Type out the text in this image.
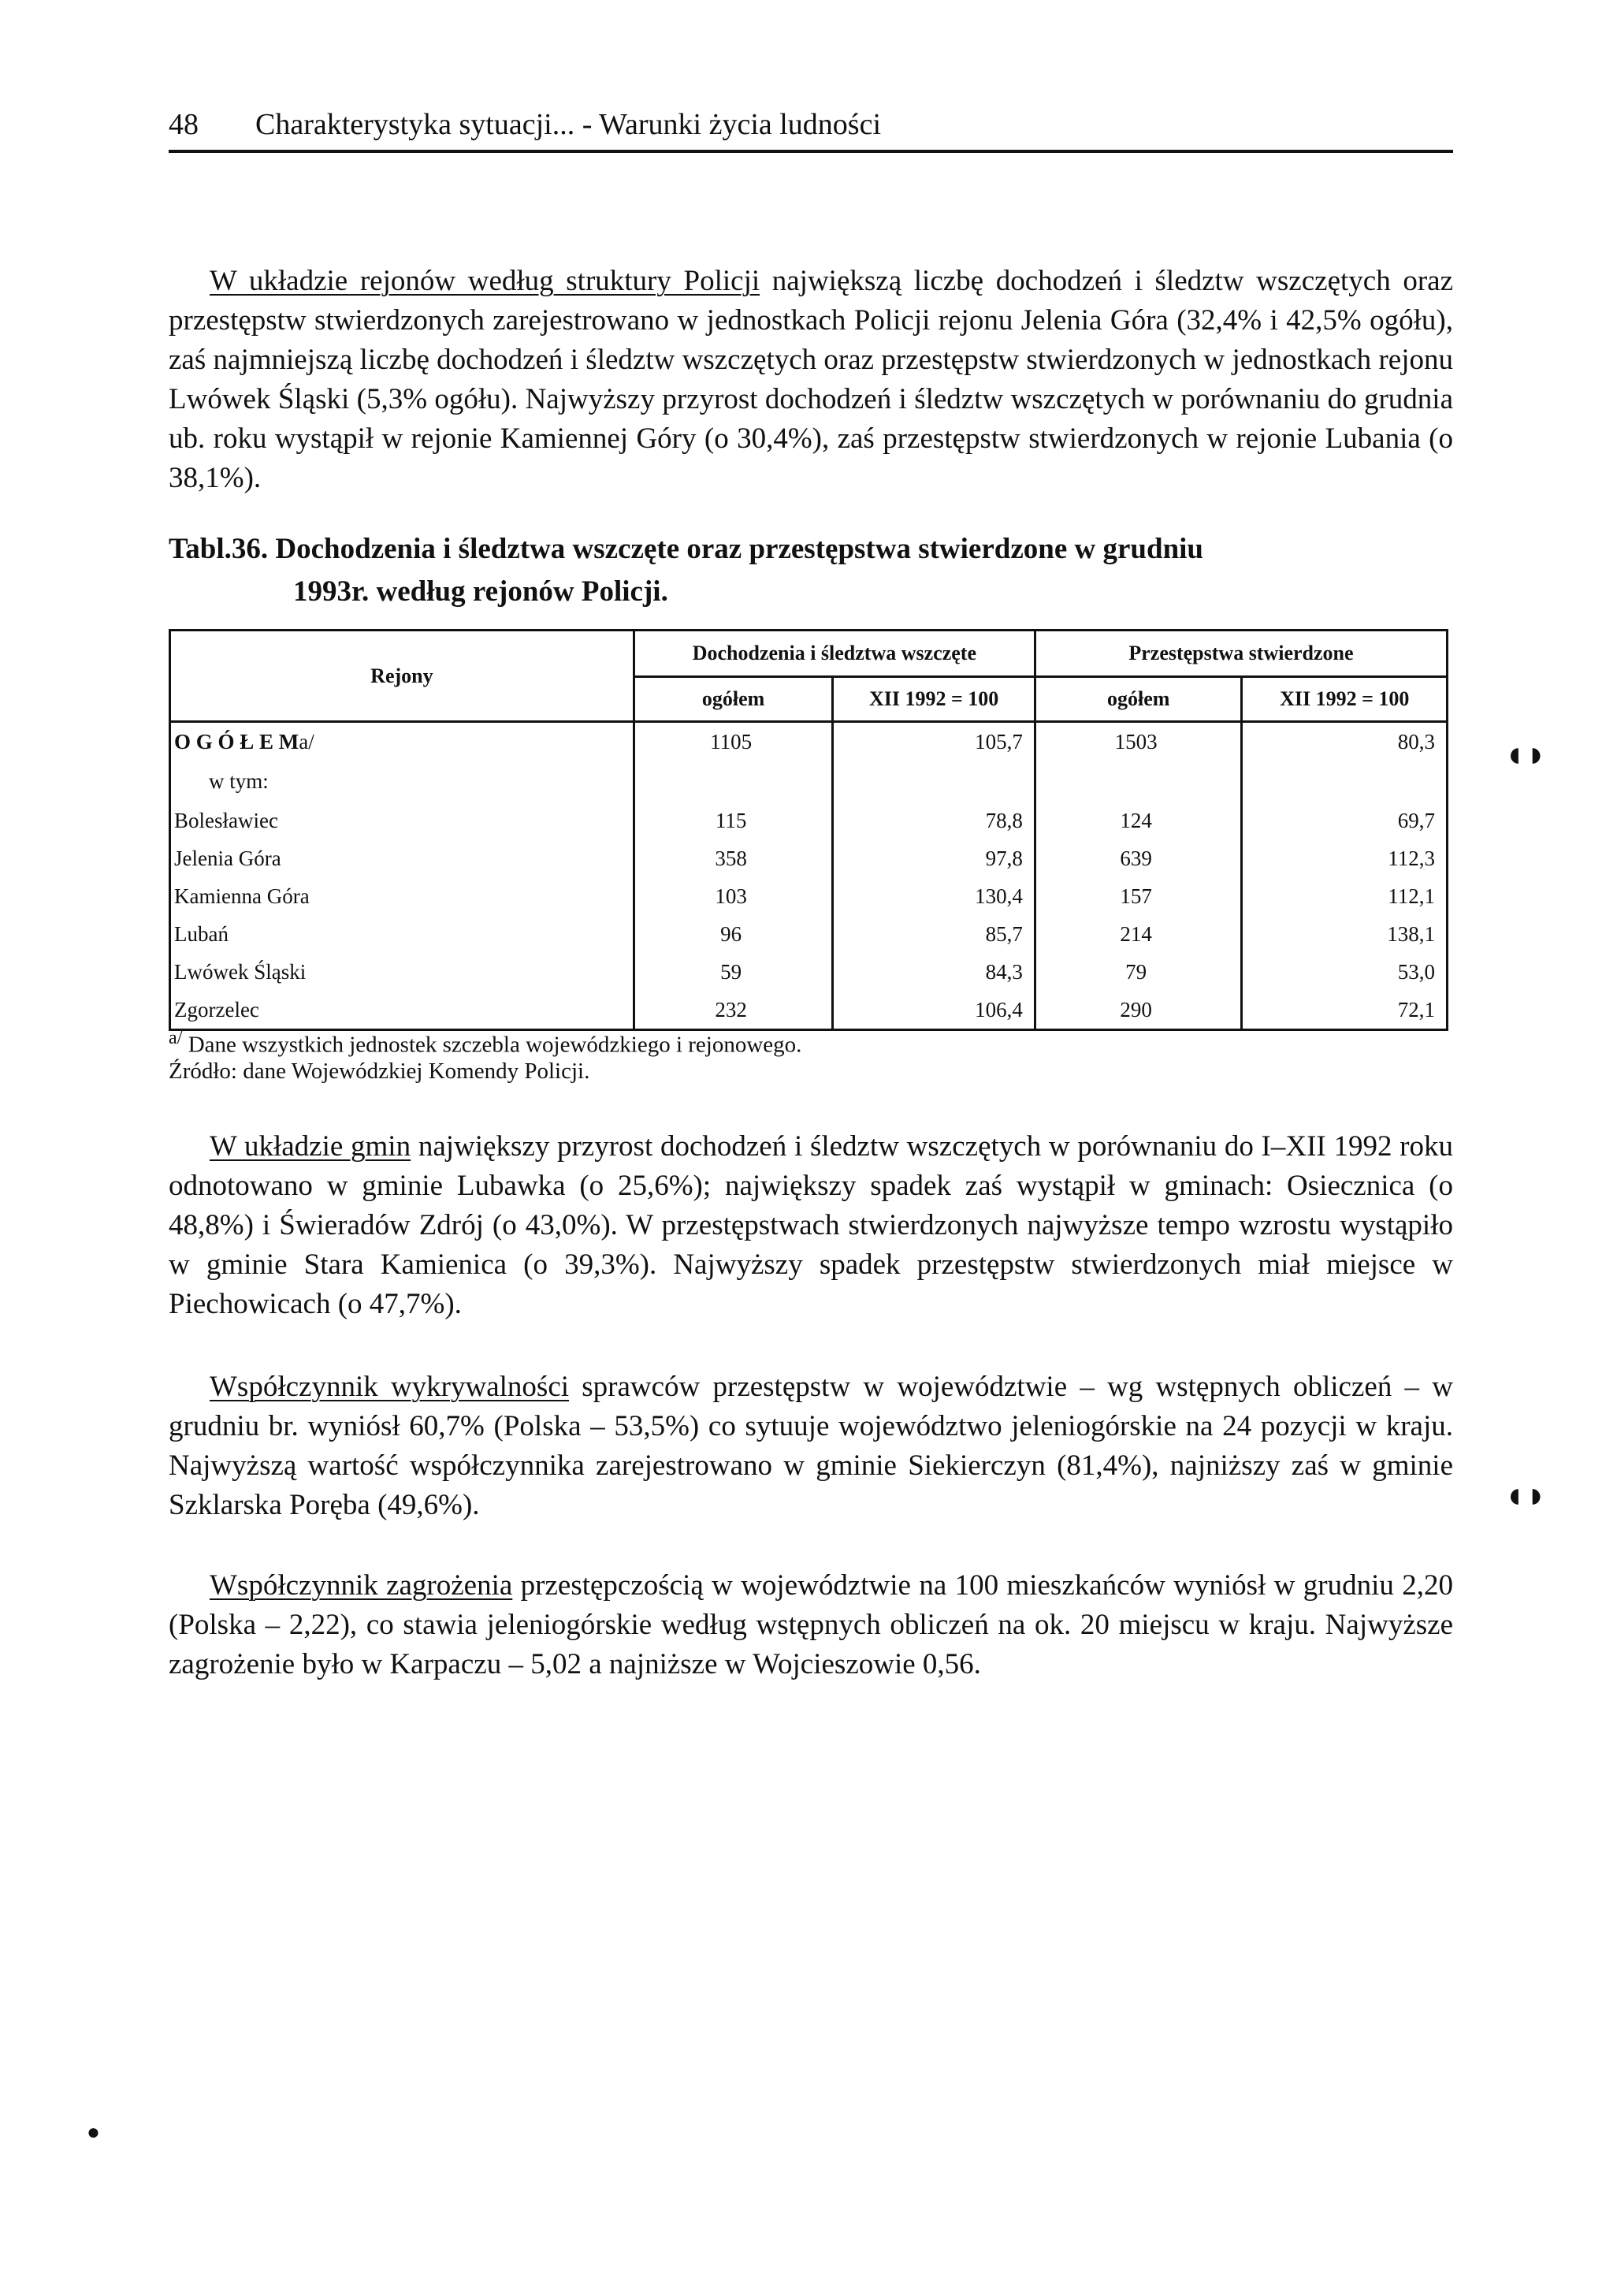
48	Charakterystyka sytuacji... - Warunki życia ludności

W układzie rejonów według struktury Policji największą liczbę dochodzeń i śledztw wszczętych oraz przestępstw stwierdzonych zarejestrowano w jednostkach Policji rejonu Jelenia Góra (32,4% i 42,5% ogółu), zaś najmniejszą liczbę dochodzeń i śledztw wszczętych oraz przestępstw stwierdzonych w jednostkach rejonu Lwówek Śląski (5,3% ogółu). Najwyższy przyrost dochodzeń i śledztw wszczętych w porównaniu do grudnia ub. roku wystąpił w rejonie Kamiennej Góry (o 30,4%), zaś przestępstw stwierdzonych w rejonie Lubania (o 38,1%).

Tabl.36. Dochodzenia i śledztwa wszczęte oraz przestępstwa stwierdzone w grudniu
1993r. według rejonów Policji.
Rejony	Dochodzenia i śledztwa wszczęte		Przestępstwa stwierdzone	
	ogółem	XII 1992 = 100	ogółem	XII 1992 = 100
O G Ó Ł E Ma/	1105	105,7	1503	80,3
w tym:				
Bolesławiec	115	78,8	124	69,7
Jelenia Góra	358	97,8	639	112,3
Kamienna Góra	103	130,4	157	112,1
Lubań	96	85,7	214	138,1
Lwówek Śląski	59	84,3	79	53,0
Zgorzelec	232	106,4	290	72,1
$^{a/}$ Dane wszystkich jednostek szczebla wojewódzkiego i rejonowego.
Źródło: dane Wojewódzkiej Komendy Policji.

W układzie gmin największy przyrost dochodzeń i śledztw wszczętych w porównaniu do I–XII 1992 roku odnotowano w gminie Lubawka (o 25,6%); największy spadek zaś wystąpił w gminach: Osiecznica (o 48,8%) i Świeradów Zdrój (o 43,0%). W przestępstwach stwierdzonych najwyższe tempo wzrostu wystąpiło w gminie Stara Kamienica (o 39,3%). Najwyższy spadek przestępstw stwierdzonych miał miejsce w Piechowicach (o 47,7%).

Współczynnik wykrywalności sprawców przestępstw w województwie – wg wstępnych obliczeń – w grudniu br. wyniósł 60,7% (Polska – 53,5%) co sytuuje województwo jeleniogórskie na 24 pozycji w kraju. Najwyższą wartość współczynnika zarejestrowano w gminie Siekierczyn (81,4%), najniższy zaś w gminie Szklarska Poręba (49,6%).

Współczynnik zagrożenia przestępczością w województwie na 100 mieszkańców wyniósł w grudniu 2,20 (Polska – 2,22), co stawia jeleniogórskie według wstępnych obliczeń na ok. 20 miejscu w kraju. Najwyższe zagrożenie było w Karpaczu – 5,02 a najniższe w Wojcieszowie 0,56.

◖◗
◖◗
●
